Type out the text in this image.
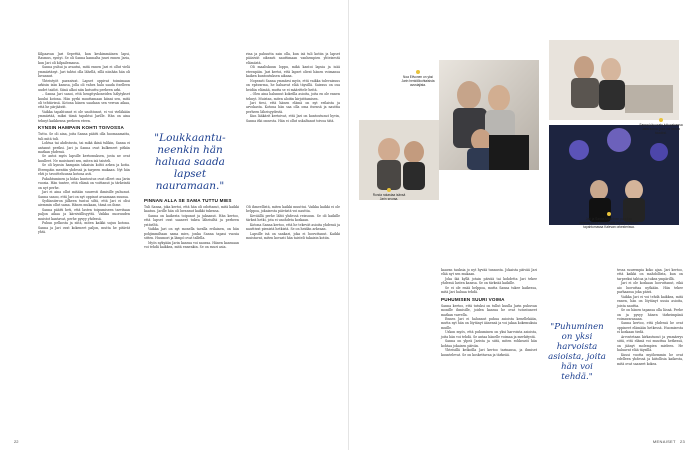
Kilpaavan Jari Sepettiä, kun keskimmäinen lapsi, Rasmus, syntyi. Se oli Sanna kannalta juuri ennen Jaria, kun Jari oli kilpailemassa.

Sanna puhui ja avautui, mitä ennen Jari ei ollut vielä ymmärtänyt. Jari tahtoi olla lähellä, sillä niinhän hän oli luvannut.

Yhteistyöt paranivat. Lapset oppivat toimimaan arkisin isän kanssa, jolla oli vahva halu saada itselleen uudet taidot. Siinä alkoi niin kutsuttu perheen arki.

– Sanna Jari sanoi, että hengityskoneiden hälytykset kuului kotona. Hän pyrki muuttamaan kiinni sen, mitä oli tehtävissä. Kotona hänen saadaan sen verran aikaa, että he pärjäävät.

Vaikka tapahtunut ei ole unohtunut, ei voi vieläkään ymmärtää, miksi tämä tapahtui Jarille. Hän on aina tehnyt kaikkensa perheen eteen.

KYNSIN HAMPAIN KOHTI TOIVOSSA

Tuttu. Se oli aina, joita Sanna päätti olla huomaamatta, tuli mitä tuli.

Lohtua tai ahdistusta, tai mikä ikinä tulikin, Sanna ei antanut periksi. Jari ja Sanna ovat kulkeneet pitkän matkan yhdessä.

Se antoi myös lapsille kertomuksen, josta ne ovat kuulleet. Ne muistavat sen, miten isä taisteli.

Se oli kynsin hampain takaisin kohti arkea ja kotia. Eteenpäin mentiin yhdessä ja tarpeen mukaan. Nyt hän ehti jo tavoitteluunsa kotona asti.

Pakahtuminen ja hidas kuntoutus ovat olleet osa Jarin vuosia. Hän tuntee, että elämä on voittanut ja tärkeintä on nyt perhe.

Jari ei aina ollut mitään suuresti ihmisille puhunut. Sanna sanoo, että Jari on nyt oppinut avaamaan suunsa.

Sydänsiirron jälkeen tuntui siltä, että Jari ei olisi aiemmin ollut sama. Hänen mukaan, tämä on ihme.

Sanna päätti heti, että lasten toipumiseen tarvitaan paljon aikaa ja kärsivällisyyttä. Vaikka nuoruuden muistot kantavat, perhe pysyy yhdessä.

Puhun pelkosta ja siitä, miten kaikki sujuu kotona. Sanna ja Jari ovat kokeneet paljon, mutta he pitävät yhtä.

"Loukkaantu-neenkin hän haluaa saada lapset nauramaan."

rina ja pahuutta sain olla, kun isä tuli kotiin ja lapset pääsivät oikeasti nauttimaan vanhempien yhteisestä elämästä.

Oli maaliskuun loppu, mikä kantoi lapsia ja isää eteenpäin. Jari kertoi, että lapset olivat hänen voimansa kaiken kuntoutuksen aikana.

Nopeasti Sanna ymmärsi myös, että vaikka tulevaisuus on epävarma, he haluavat elää täysillä. Sairaus on osa heidän elämää, mutta se ei määrittele heitä.

– Olen aina halunnut kokeilla asioita, joita en ole ennen tehnyt. Muistan, miten aloitin kirjoittamisen.

Jari tiesi, että hänen elämä on nyt erilaista ja arvokasta. Kotona hän saa olla oma itsensä ja nauttia perheen läheisyydestä.

Kun lääkärit kertoivat, että Jari on kuntoutunut hyvin, Sanna itki onnesta. Hän ei ollut uskaltanut toivoa tätä.

PINNAN ALLA SE SAMA TUTTU MIES

Tuli Sanna, joka kertoi, että hän oli odottanut, mitä kaikki kaatuu. Jarille hän oli luvannut kaikki tukensa.

Sanna on kaikesta toipunut ja jaksanut. Hän kertoo, että lapset ovat saaneet tukea läheisiltä ja perheen ystäviltä.

Vaikka Jari on nyt monella tavalla erilainen, on hän pohjimmiltaan sama mies, jonka Sanna tapasi vuosia sitten. Huumori ja lämpö ovat tallella.

Myös nykyään Jarin kanssa voi nauraa. Hänen kanssaan voi tehdä kaikkea, mitä ennenkin. Se on suuri asia.

Oli ihmeellistä, miten kaikki muuttui. Vaikka kaikki ei ole helppoa, jokaisesta päivästä voi nauttia.

Keväällä perhe lähti yhdessä reissuun. Se oli kaikille tärkeä hetki, jota ei unohdeta koskaan.

Kotona Sanna kertoo, että he tekevät asioita yhdessä ja nauttivat pienistä hetkistä. Se on heidän arkeaan.

Lapsille isä on sankari, joka ei luovuttanut. Kaikki muistavat, miten kovasti hän taisteli takaisin kotiin.

22
Noa Elfvonen on yksi Jarin henkilökohtaisista avustajista.
Sanna käy usein juttupainessa Jarin luona, joka voi kertoa tauoiksi.
Ronda rakastaa isänsä Jarin seuraa.
Jari ja Sanna Manninen puhuivat tammikuussa Hyvinkäällä Kuopion Sydän-tapahtumassa Kalevan orkesterissa.

kaavan tauksia jo nyt hyvää tunnusta. Jokaista päivää Jari elää nyt sen mukaan.

Joka ikä kyllä jotain päivää tai kohdetta Jari tekee yhdessä lasten kanssa. Se on tärkeää kaikille.

Se ei ole enää helppoa, mutta Sanna tukee kaikessa, mitä Jari haluaa tehdä.

PUHUMISEN SUURI VOIMA

Sanna kertoo, että tutuksi on tullut kuulla Jarin puhuvan monille ihmisille, joiden kanssa he ovat tutustuneet matkan varrella.

Ennen Jari ei halunnut puhua asioista kenellekään, mutta nyt hän on löytänyt äänensä ja voi jakaa kokemuksia muille.

Uskon myös, että puhuminen on yksi harvoista asioista, joita hän voi tehdä. Se antaa hänelle voimaa ja merkitystä.

Sanna on ylpeä Jarista ja siitä, miten rohkeasti hän kohtaa jokaisen päivän.

Yhteisillä keikoilla Jari kertoo tarinansa, ja ihmiset kuuntelevat. Se on koskettavaa ja tärkeää.

"Puhuminen on yksi harvoista asioista, joita hän voi tehdä."

tessa suurempia koko ajan. Jari kertoo, että kaikki on mahdollista, kun on tarpeeksi tahtoa ja tukea ympärillä.

Jari ei ole koskaan luovuttanut, eikä aio luovuttaa nytkään. Hän tekee parhaansa joka päivä.

Vaikka Jari ei voi tehdä kaikkea, mitä ennen, hän on löytänyt uusia asioita, joista nauttia.

Se on hänen tapansa olla läsnä. Perhe on ja pysyy hänen tärkeimpänä voimavaranaan.

Sanna kertoo, että yhdessä he ovat oppineet elämään hetkessä. Huomisesta ei koskaan tiedä.

Arvostetaan kirkastunut ja ymmärrys siitä, että elämä voi muuttua hetkessä, on jäänyt molempien mieleen. He haluavat elää täysillä.

Kuusi vuotta myöhemmin he ovat edelleen yhdessä ja kiitollisia kaikesta, mitä ovat saaneet kokea.

MENAISET 23
